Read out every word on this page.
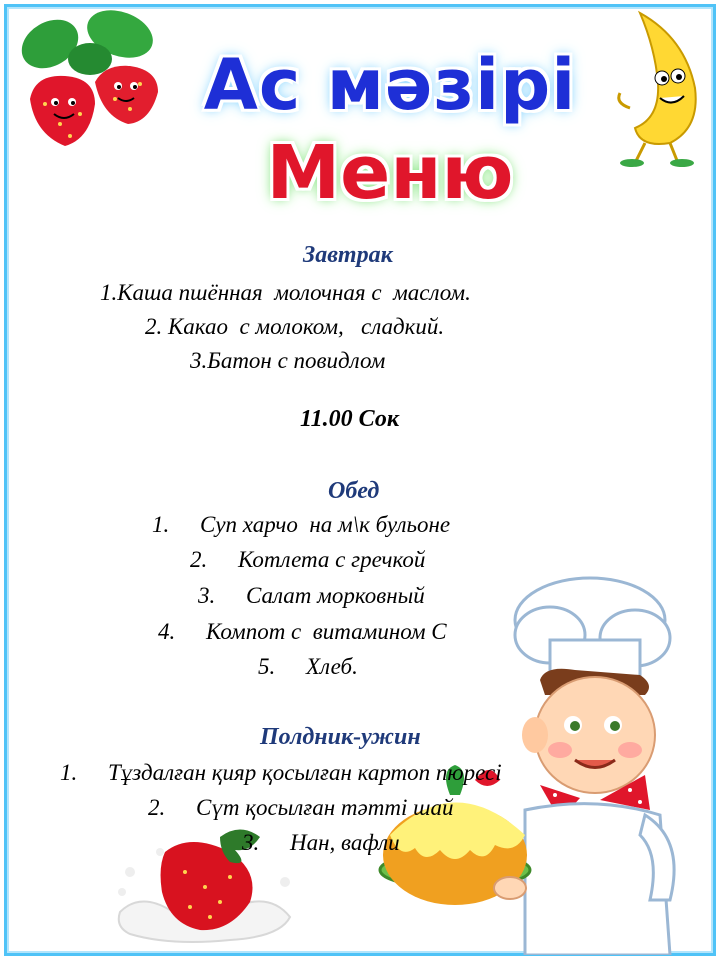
Ас мәзірі
Меню
Завтрак
1.Каша пшённая  молочная с  маслом.
2. Какао  с молоком,   сладкий.
3.Батон с повидлом
11.00 Сок
Обед
1. Суп харчо  на м\к бульоне
2. Котлета с гречкой
3. Салат морковный
4. Компот с  витамином С
5. Хлеб.
Полдник-ужин
1. Тұздалған қияр қосылған картоп пюресі
2. Сүт қосылған тәтті шай
3. Нан, вафли
